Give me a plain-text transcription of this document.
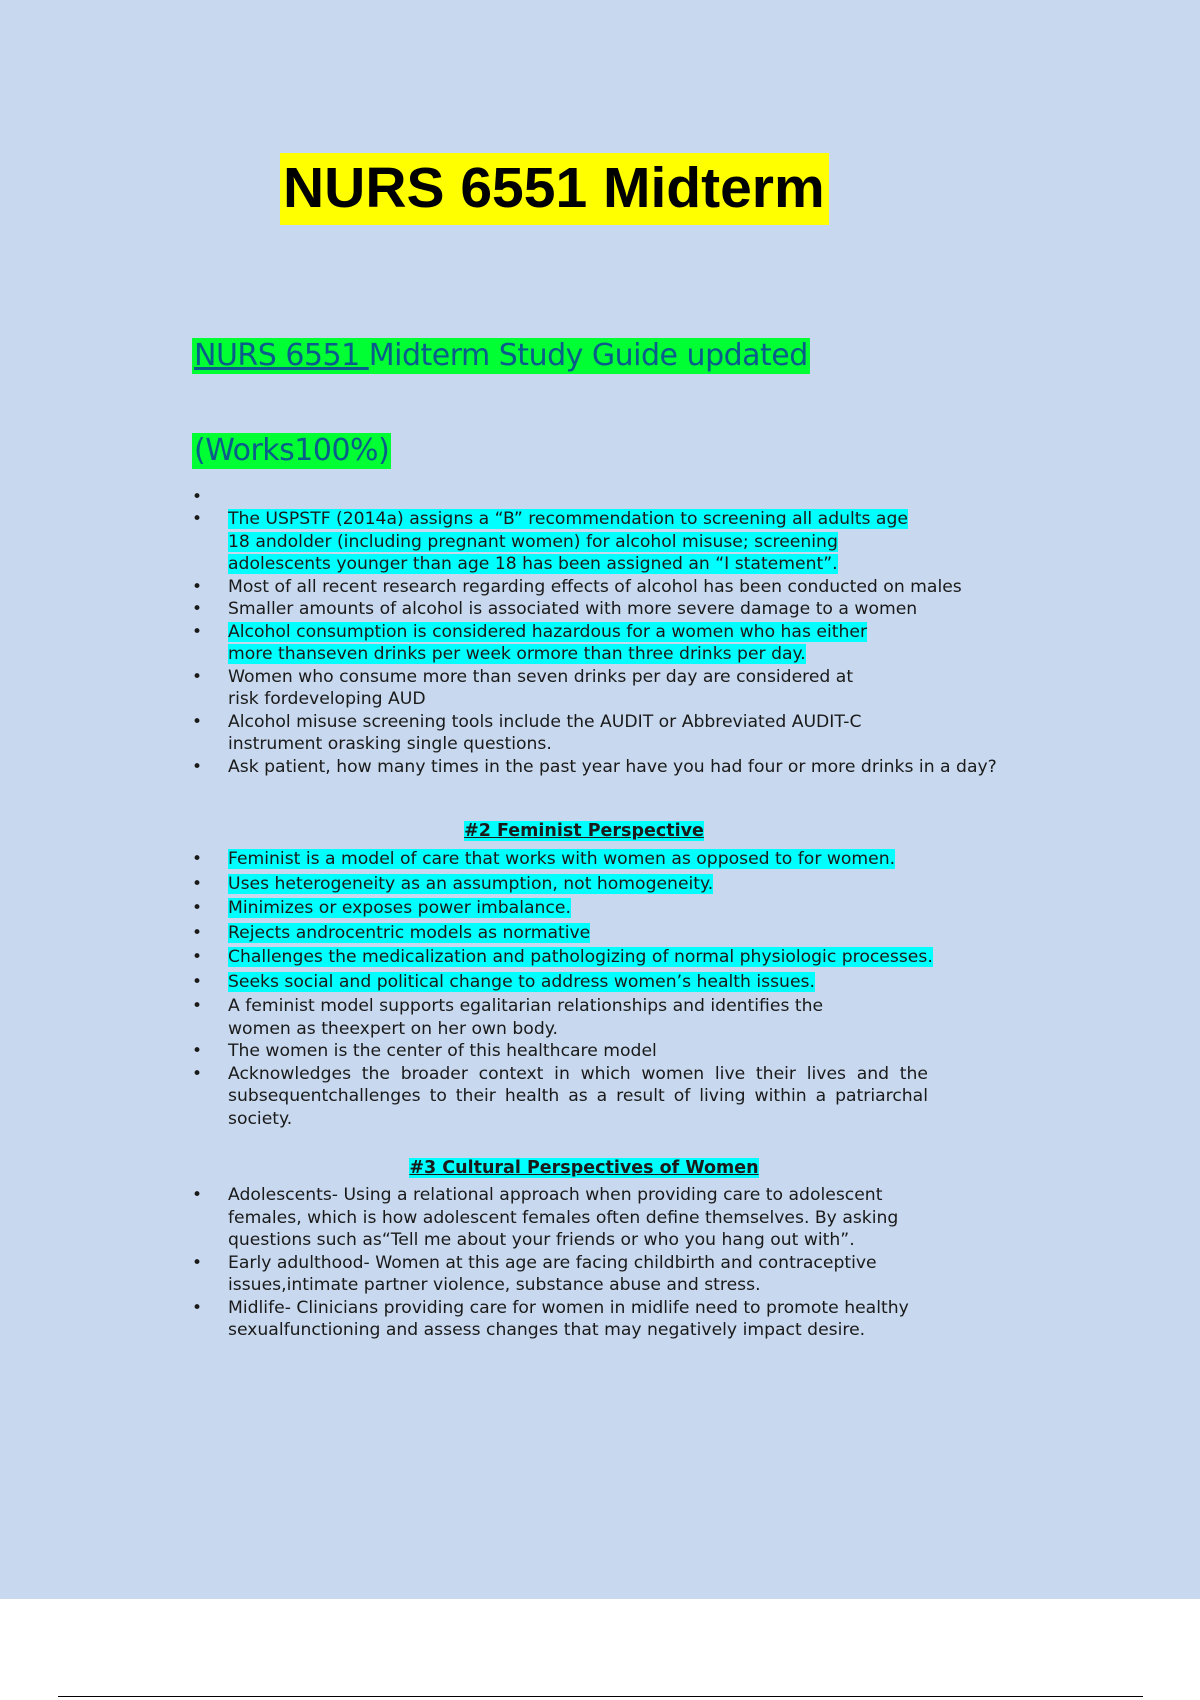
NURS 6551 Midterm
NURS 6551 Midterm Study Guide updated
(Works100%)
•
• The USPSTF (2014a) assigns a “B” recommendation to screening all adults age 18 andolder (including pregnant women) for alcohol misuse; screening adolescents younger than age 18 has been assigned an “I statement”.
• Most of all recent research regarding effects of alcohol has been conducted on males
• Smaller amounts of alcohol is associated with more severe damage to a women
• Alcohol consumption is considered hazardous for a women who has either more thanseven drinks per week ormore than three drinks per day.
• Women who consume more than seven drinks per day are considered at risk fordeveloping AUD
• Alcohol misuse screening tools include the AUDIT or Abbreviated AUDIT-C instrument orasking single questions.
• Ask patient, how many times in the past year have you had four or more drinks in a day?
#2 Feminist Perspective
• Feminist is a model of care that works with women as opposed to for women.
• Uses heterogeneity as an assumption, not homogeneity.
• Minimizes or exposes power imbalance.
• Rejects androcentric models as normative
• Challenges the medicalization and pathologizing of normal physiologic processes.
• Seeks social and political change to address women’s health issues.
• A feminist model supports egalitarian relationships and identifies the women as theexpert on her own body.
• The women is the center of this healthcare model
• Acknowledges the broader context in which women live their lives and the subsequentchallenges to their health as a result of living within a patriarchal society.
#3 Cultural Perspectives of Women
• Adolescents- Using a relational approach when providing care to adolescent females, which is how adolescent females often define themselves. By asking questions such as“Tell me about your friends or who you hang out with”.
• Early adulthood- Women at this age are facing childbirth and contraceptive issues,intimate partner violence, substance abuse and stress.
• Midlife- Clinicians providing care for women in midlife need to promote healthy sexualfunctioning and assess changes that may negatively impact desire.
